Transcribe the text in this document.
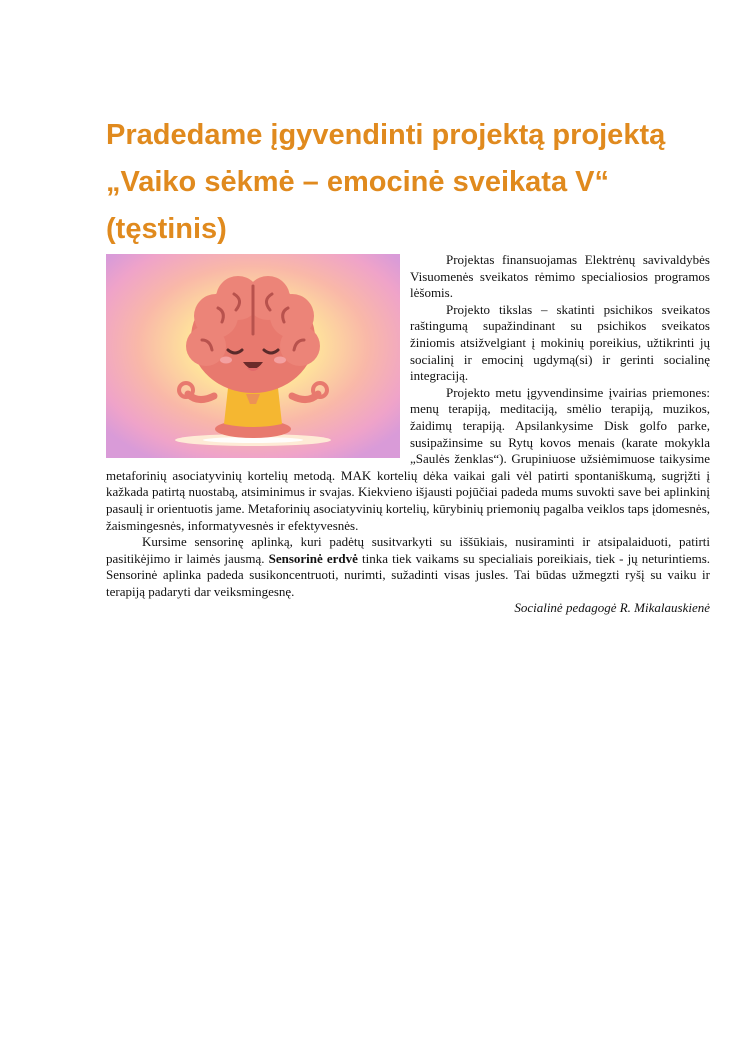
Pradedame įgyvendinti projektą projektą
„Vaiko sėkmė – emocinė sveikata V“
(tęstinis)

Projektas finansuojamas Elektrėnų savivaldybės Visuomenės sveikatos rėmimo specialiosios programos lėšomis.

Projekto tikslas – skatinti psichikos sveikatos raštingumą supažindinant su psichikos sveikatos žiniomis atsižvelgiant į mokinių poreikius, užtikrinti jų socialinį ir emocinį ugdymą(si) ir gerinti socialinę integraciją.

Projekto metu įgyvendinsime įvairias priemones: menų terapiją, meditaciją, smėlio terapiją, muzikos, žaidimų terapiją. Apsilankysime Disk golfo parke, susipažinsime su Rytų kovos menais (karate mokykla „Saulės ženklas“). Grupiniuose užsiėmimuose taikysime metaforinių asociatyvinių kortelių metodą. MAK kortelių dėka vaikai gali vėl patirti spontaniškumą, sugrįžti į kažkada patirtą nuostabą, atsiminimus ir svajas. Kiekvieno išjausti pojūčiai padeda mums suvokti save bei aplinkinį pasaulį ir orientuotis jame. Metaforinių asociatyvinių kortelių, kūrybinių priemonių pagalba veiklos taps įdomesnės, žaismingesnės, informatyvesnės ir efektyvesnės.

Kursime sensorinę aplinką, kuri padėtų susitvarkyti su iššūkiais, nusiraminti ir atsipalaiduoti, patirti pasitikėjimo ir laimės jausmą. Sensorinė erdvė tinka tiek vaikams su specialiais poreikiais, tiek - jų neturintiems. Sensorinė aplinka padeda susikoncentruoti, nurimti, sužadinti visas jusles. Tai būdas užmegzti ryšį su vaiku ir terapiją padaryti dar veiksmingesnę.

Socialinė pedagogė R. Mikalauskienė
